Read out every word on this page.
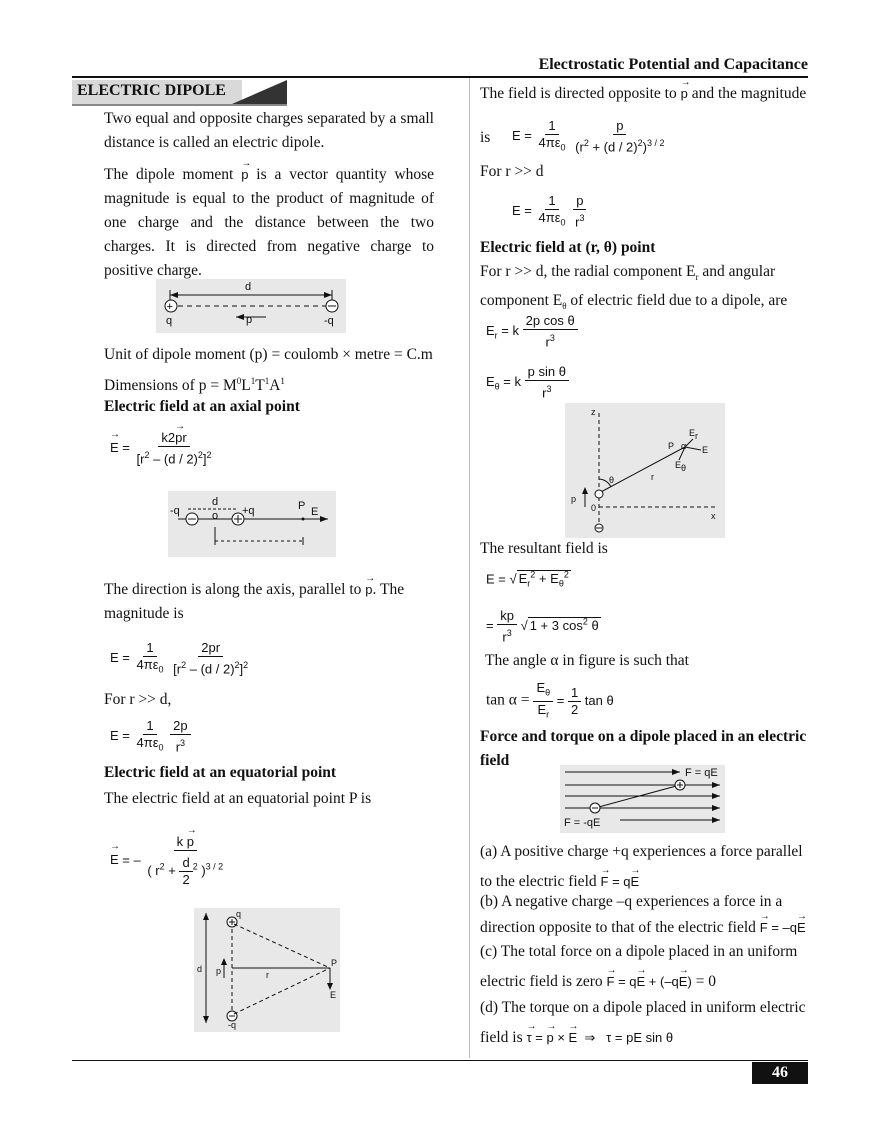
Electrostatic Potential and Capacitance
ELECTRIC DIPOLE
Two equal and opposite charges separated by a small distance is called an electric dipole.
The dipole moment → p is a vector quantity whose magnitude is equal to the product of magnitude of one charge and the distance between the two charges. It is directed from negative charge to positive charge.
+
d
q	p	-q
Unit of dipole moment (p) = coulomb × metre = C.m
Dimensions of $p = M^0L^1T^1A^1$
Electric field at an axial point
→ $E = \frac{k2\to pr}{[r^2 - (d / 2)^2]^2}$
-q
d
o +q	P E
The direction is along the axis, parallel to → p. The magnitude is
$E = \frac{1}{4\pi\varepsilon_0}$
$\frac{2pr}{[r^2 - (d / 2)^2]^2}$
For r >> d,
$E = \frac{1}{4\pi\varepsilon_0}$
$\frac{2p}{r^3}$
Electric field at an equatorial point
The electric field at an equatorial point P is
→ E = – $\frac{k \to p}{( r^2 + \frac{d}{2} ^2 )^{3 / 2}}$
q
d p	r
P
E
-q
The field is directed opposite to → p and the magnitude
is $E = \frac{1}{4\pi\varepsilon_0}$
$\frac{p}{(r^2 + (d / 2)^2)^{3 / 2}}$
For r >> d
$E = \frac{1}{4\pi\varepsilon_0}$
$\frac{p}{r^3}$
Electric field at (r, θ) point
For r >> d, the radial component $E_r$ and angular component $E_\theta$ of electric field due to a dipole, are
$E_r = k \frac{\text{2p cos θ}}{r^3}$
$E_\theta = k \frac{\text{p sin θ}}{r^3}$
z
x
r
θ
P α
$E_r$
E
$E_\theta$
p
0
The resultant field is
E = √ $E_r^2 + E_\theta^2$
= $\frac{kp}{r^3}$ √ 1 + 3 $\cos^2 \theta$
The angle α in figure is such that
$\tan \alpha = \frac{E_\theta}{E_r} = \frac{1}{2}$ tan θ
Force and torque on a dipole placed in an electric field
F = qE
F = -qE
(a) A positive charge +q experiences a force parallel to the electric field → F = q→ E
(b) A negative charge –q experiences a force in a direction opposite to that of the electric field → F = –q→ E
(c) The total force on a dipole placed in an uniform electric field is zero → F = q→ E + (–q→ E) = 0
(d) The torque on a dipole placed in uniform electric field is → τ = → p × → E  ⇒   τ = pE sin θ
46
